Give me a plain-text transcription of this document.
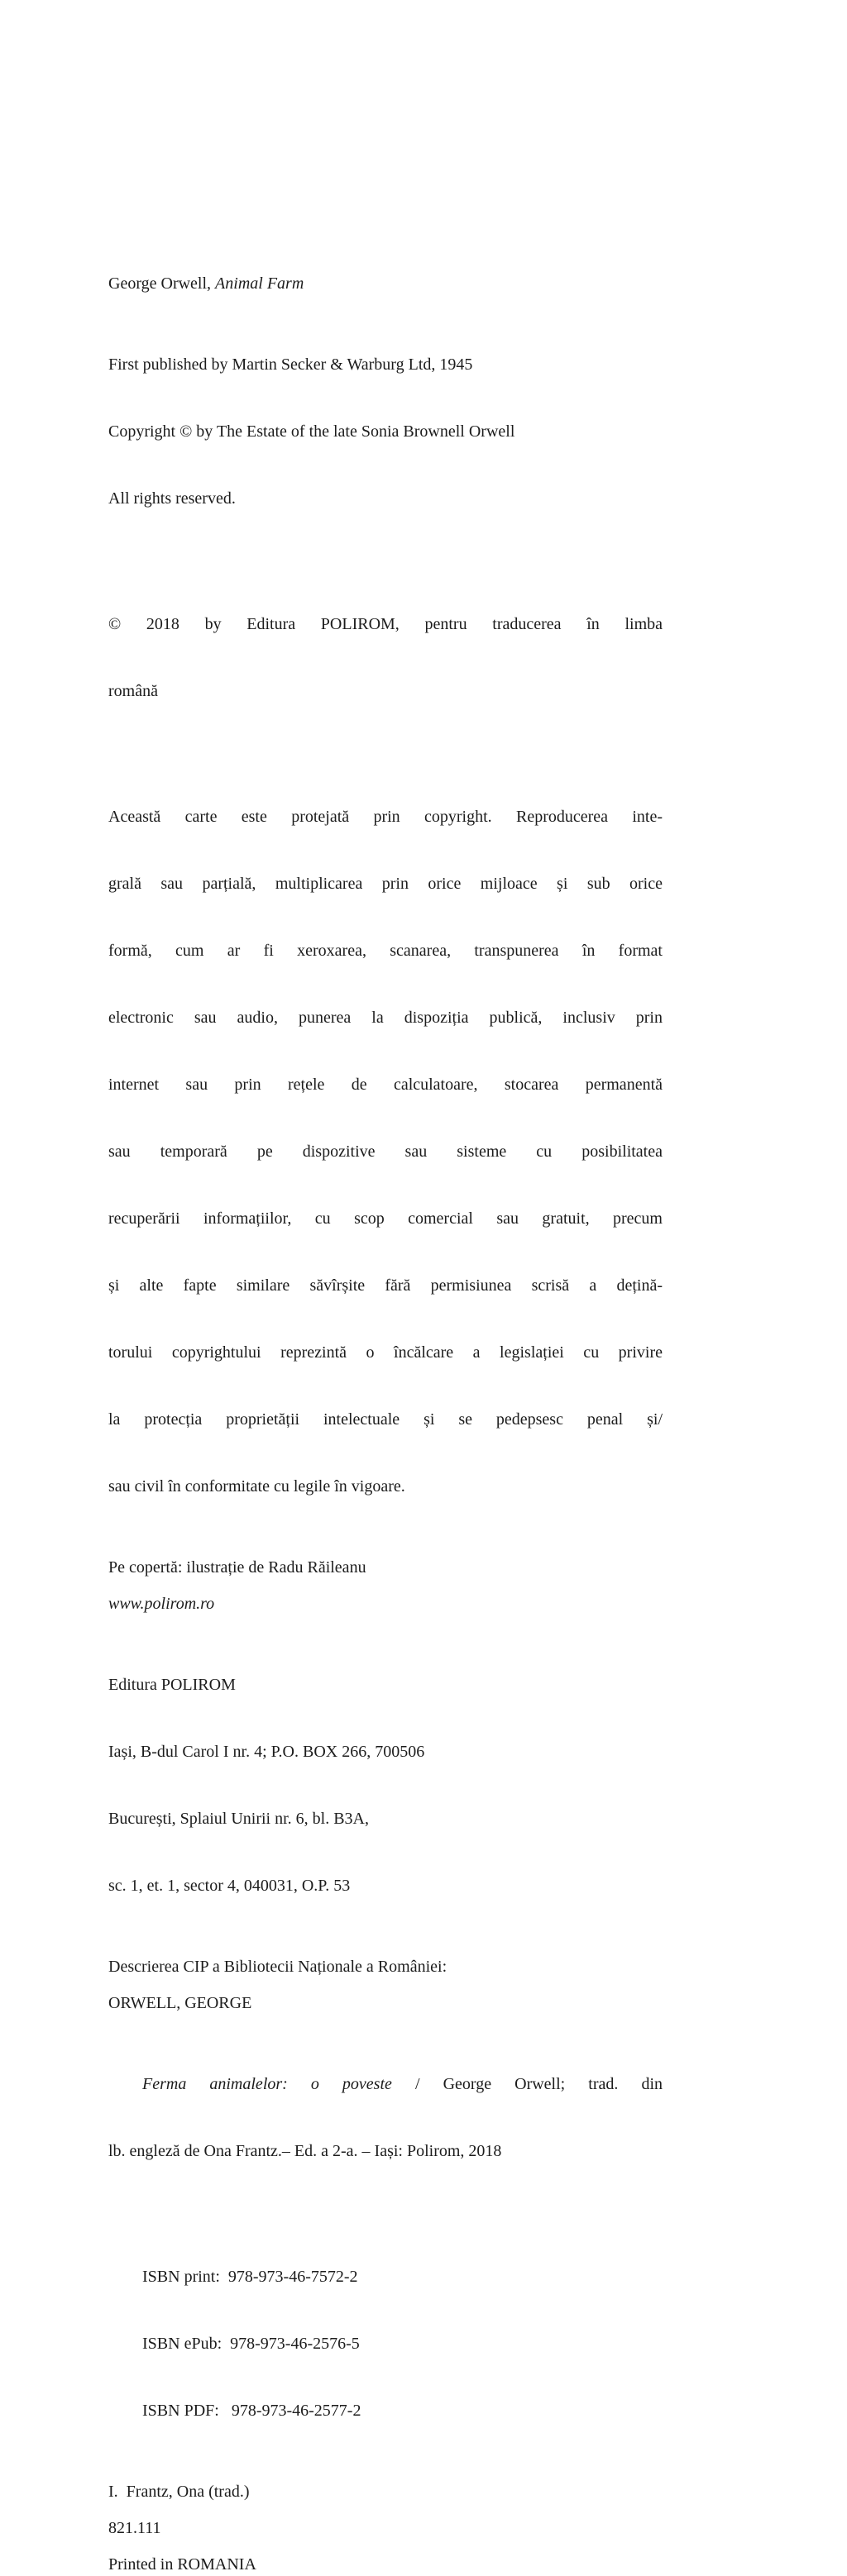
George Orwell, Animal Farm

First published by Martin Secker & Warburg Ltd, 1945

Copyright © by The Estate of the late Sonia Brownell Orwell

All rights reserved.

© 2018 by Editura POLIROM, pentru traducerea în limba

română

Această carte este protejată prin copyright. Reproducerea inte-

grală sau parțială, multiplicarea prin orice mijloace și sub orice

formă, cum ar fi xeroxarea, scanarea, transpunerea în format

electronic sau audio, punerea la dispoziția publică, inclusiv prin

internet sau prin rețele de calculatoare, stocarea permanentă

sau temporară pe dispozitive sau sisteme cu posibilitatea

recuperării informațiilor, cu scop comercial sau gratuit, precum

și alte fapte similare săvîrșite fără permisiunea scrisă a dețină-

torului copyrightului reprezintă o încălcare a legislației cu privire

la protecția proprietății intelectuale și se pedepsesc penal și/

sau civil în conformitate cu legile în vigoare.

Pe copertă: ilustrație de Radu Răileanu

www.polirom.ro

Editura POLIROM

Iași, B-dul Carol I nr. 4; P.O. BOX 266, 700506

București, Splaiul Unirii nr. 6, bl. B3A,

sc. 1, et. 1, sector 4, 040031, O.P. 53

Descrierea CIP a Bibliotecii Naționale a României:

ORWELL, GEORGE

Ferma animalelor: o poveste / George Orwell; trad. din

lb. engleză de Ona Frantz.– Ed. a 2-a. – Iași: Polirom, 2018

ISBN print:  978-973-46-7572-2

ISBN ePub:  978-973-46-2576-5

ISBN PDF:   978-973-46-2577-2

I.  Frantz, Ona (trad.)

821.111

Printed in ROMANIA
